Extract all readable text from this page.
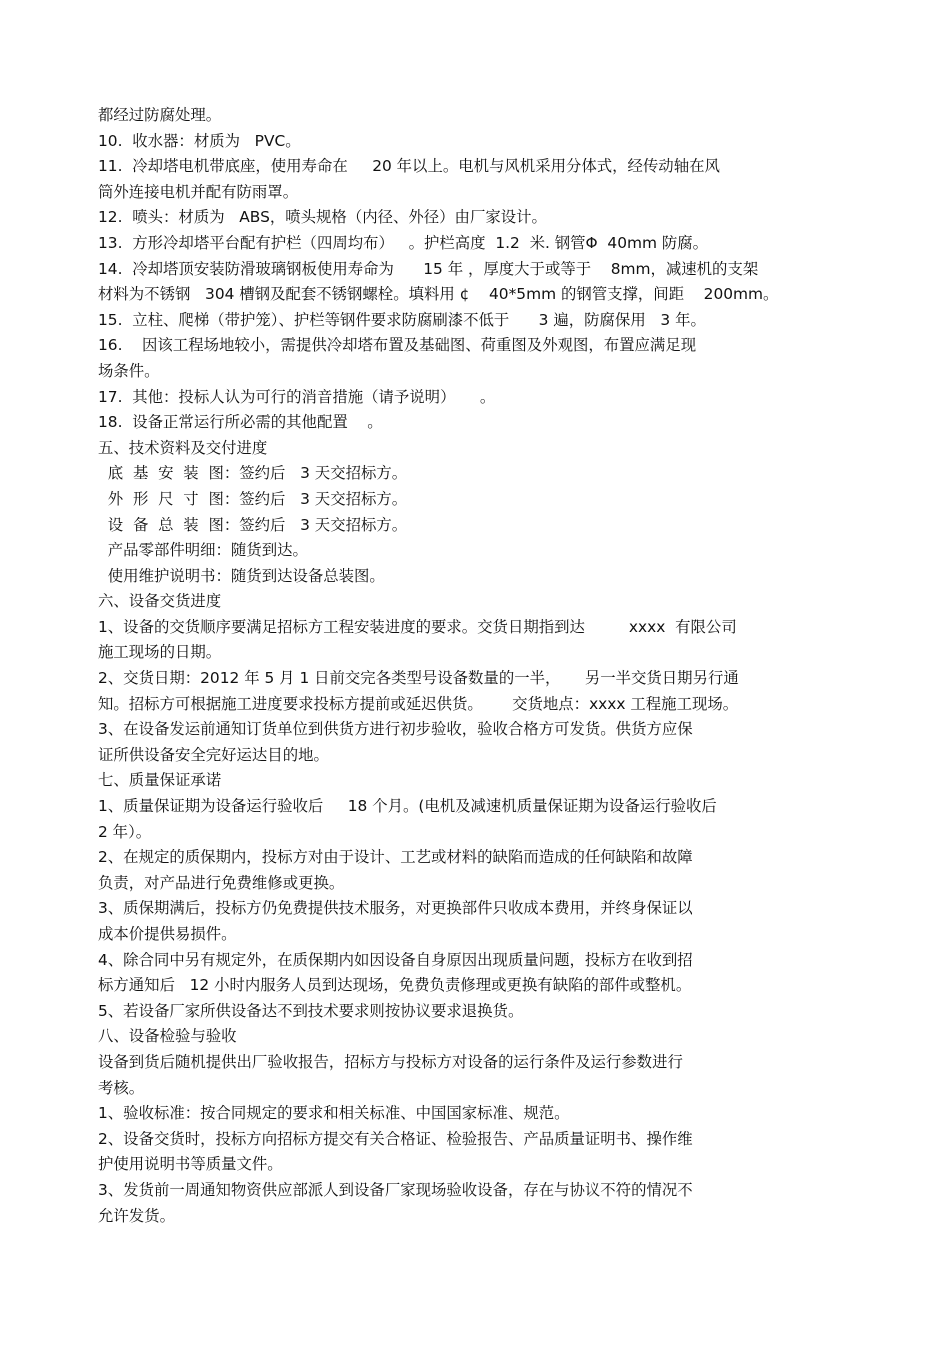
都经过防腐处理。
10.  收水器：材质为   PVC。
11.  冷却塔电机带底座，使用寿命在     20 年以上。电机与风机采用分体式，经传动轴在风
筒外连接电机并配有防雨罩。
12.  喷头：材质为   ABS，喷头规格（内径、外径）由厂家设计。
13.  方形冷却塔平台配有护栏（四周均布）   。护栏高度  1.2  米. 钢管Φ  40mm 防腐。
14.  冷却塔顶安装防滑玻璃钢板使用寿命为      15 年 ，厚度大于或等于    8mm，减速机的支架
材料为不锈钢   304 槽钢及配套不锈钢螺栓。填料用 ¢    40*5mm 的钢管支撑，间距    200mm。
15.  立柱、爬梯（带护笼）、护栏等钢件要求防腐刷漆不低于      3 遍，防腐保用   3 年。
16.    因该工程场地较小，需提供冷却塔布置及基础图、荷重图及外观图，布置应满足现
场条件。
17.  其他：投标人认为可行的消音措施（请予说明）     。
18.  设备正常运行所必需的其他配置    。
五、技术资料及交付进度
底  基  安  装  图：签约后   3 天交招标方。
外  形  尺  寸  图：签约后   3 天交招标方。
设  备  总  装  图：签约后   3 天交招标方。
产品零部件明细：随货到达。
使用维护说明书：随货到达设备总装图。
六、设备交货进度
1、设备的交货顺序要满足招标方工程安装进度的要求。交货日期指到达         xxxx  有限公司
施工现场的日期。
2、交货日期：2012 年 5 月 1 日前交完各类型号设备数量的一半，     另一半交货日期另行通
知。招标方可根据施工进度要求投标方提前或延迟供货。      交货地点：xxxx 工程施工现场。
3、在设备发运前通知订货单位到供货方进行初步验收，验收合格方可发货。供货方应保
证所供设备安全完好运达目的地。
七、质量保证承诺
1、质量保证期为设备运行验收后     18 个月。(电机及减速机质量保证期为设备运行验收后
2 年）。
2、在规定的质保期内，投标方对由于设计、工艺或材料的缺陷而造成的任何缺陷和故障
负责，对产品进行免费维修或更换。
3、质保期满后，投标方仍免费提供技术服务，对更换部件只收成本费用，并终身保证以
成本价提供易损件。
4、除合同中另有规定外，在质保期内如因设备自身原因出现质量问题，投标方在收到招
标方通知后   12 小时内服务人员到达现场，免费负责修理或更换有缺陷的部件或整机。
5、若设备厂家所供设备达不到技术要求则按协议要求退换货。
八、设备检验与验收
设备到货后随机提供出厂验收报告，招标方与投标方对设备的运行条件及运行参数进行
考核。
1、验收标准：按合同规定的要求和相关标准、中国国家标准、规范。
2、设备交货时，投标方向招标方提交有关合格证、检验报告、产品质量证明书、操作维
护使用说明书等质量文件。
3、发货前一周通知物资供应部派人到设备厂家现场验收设备，存在与协议不符的情况不
允许发货。
